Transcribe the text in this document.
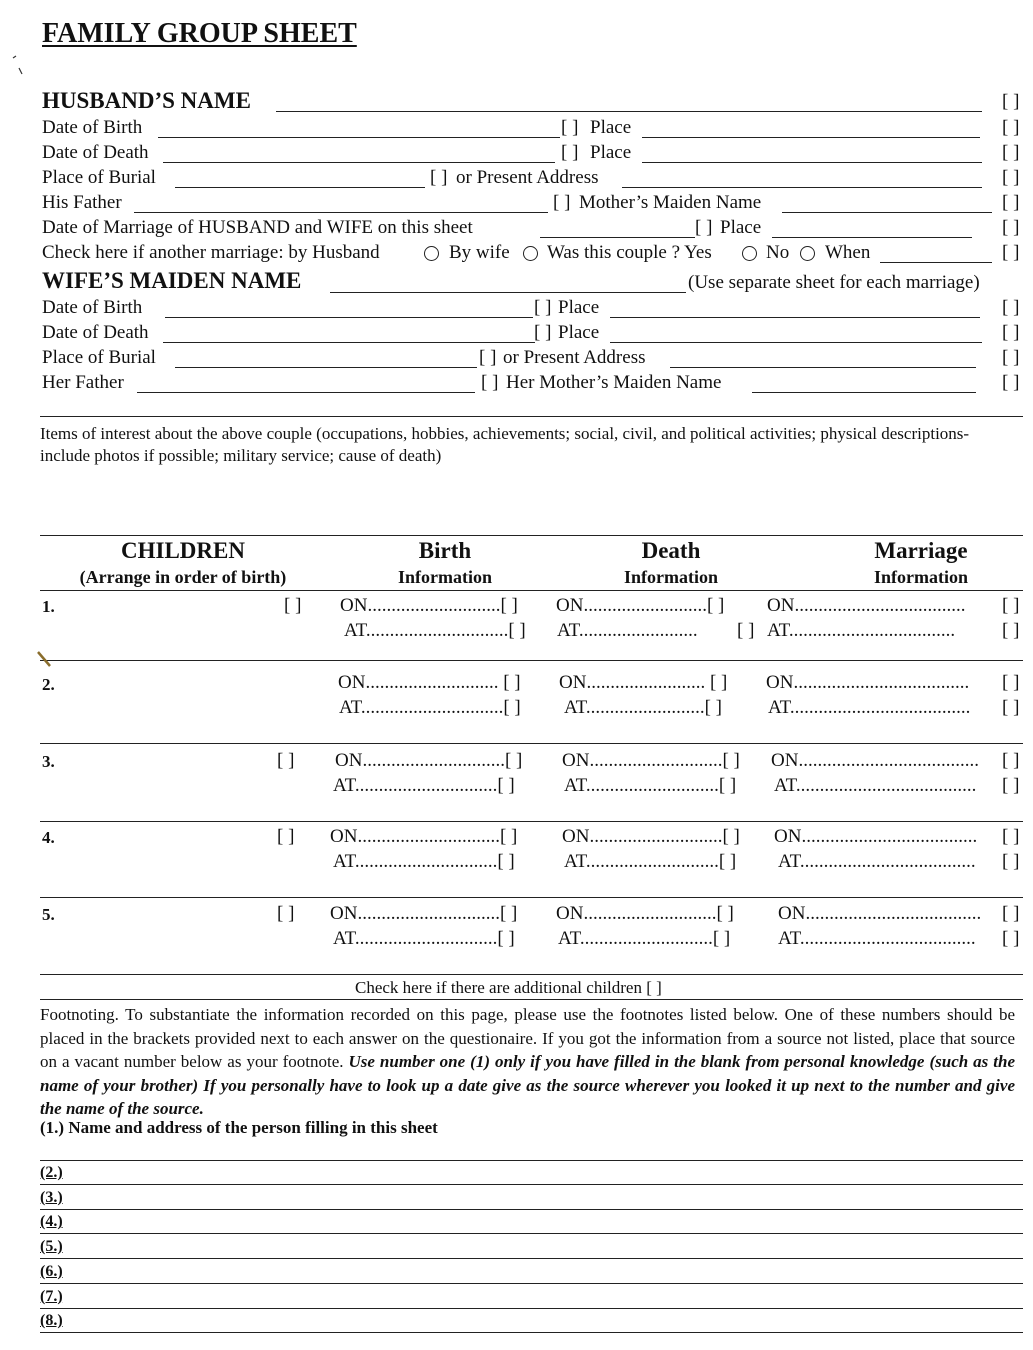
FAMILY GROUP SHEET
HUSBAND’S NAME	[ ]
Date of Birth	[ ] Place	[ ]
Date of Death	[ ] Place	[ ]
Place of Burial	[ ] or Present Address	[ ]
His Father	[ ] Mother’s Maiden Name	[ ]
Date of Marriage of HUSBAND and WIFE on this sheet	[ ] Place	[ ]
Check here if another marriage: by Husband	By wife Was this couple ? Yes	No When	[ ]
WIFE’S MAIDEN NAME	(Use separate sheet for each marriage)
Date of Birth	[ ] Place	[ ]
Date of Death	[ ] Place	[ ]
Place of Burial	[ ] or Present Address	[ ]
Her Father	[ ] Her Mother’s Maiden Name	[ ]
Items of interest about the above couple (occupations, hobbies, achievements; social, civil, and political activities; physical descriptions- include photos if possible; military service; cause of death)
CHILDREN
(Arrange in order of birth)
Birth
Information
Death
Information
Marriage
Information
1.	[ ] ON............................[ ] ON..........................[ ] ON.................................... [ ]
AT..............................[ ] AT......................... [ ] AT................................... [ ]
2.	ON............................ [ ] ON......................... [ ] ON..................................... [ ]
AT..............................[ ] AT.........................[ ] AT...................................... [ ]
3.	[ ] ON..............................[ ] ON............................[ ] ON...................................... [ ]
AT..............................[ ]	AT............................[ ] AT...................................... [ ]
4.	[ ] ON..............................[ ] ON............................[ ] ON..................................... [ ]
AT..............................[ ]	AT............................[ ] AT..................................... [ ]
5.	[ ] ON..............................[ ] ON............................[ ] ON..................................... [ ]
AT..............................[ ] AT............................[ ]	AT..................................... [ ]
Check here if there are additional children [ ]
Footnoting. To substantiate the information recorded on this page, please use the footnotes listed below. One of these numbers should be placed in the brackets provided next to each answer on the questionaire. If you got the information from a source not listed, place that source on a vacant number below as your footnote. Use number one (1) only if you have filled in the blank from personal knowledge (such as the name of your brother) If you personally have to look up a date give as the source wherever you looked it up next to the number and give the name of the source.
(1.) Name and address of the person filling in this sheet
(2.)
(3.)
(4.)
(5.)
(6.)
(7.)
(8.)
